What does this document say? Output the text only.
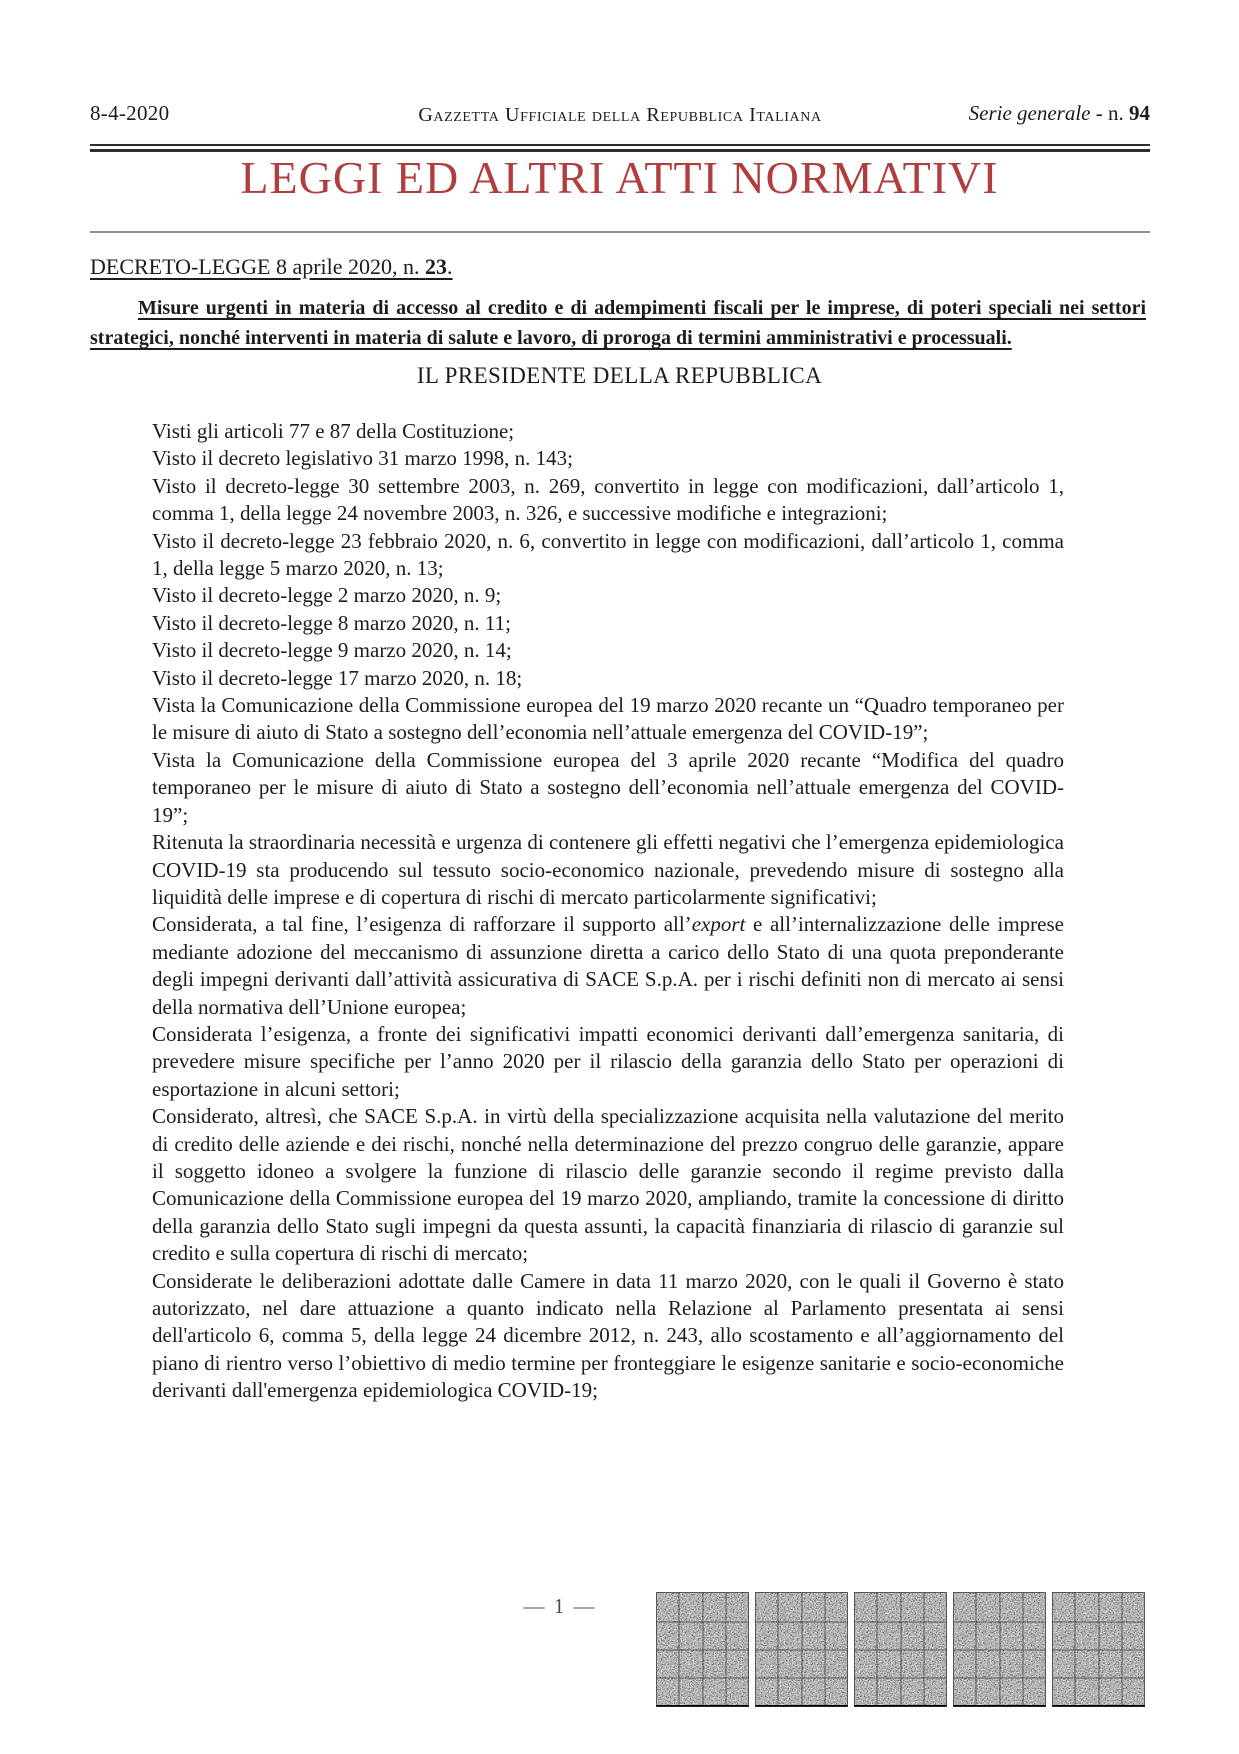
8-4-2020	Gazzetta Ufficiale della Repubblica Italiana	Serie generale - n. 94
LEGGI ED ALTRI ATTI NORMATIVI
DECRETO-LEGGE 8 aprile 2020, n. 23.

Misure urgenti in materia di accesso al credito e di adempimenti fiscali per le imprese, di poteri speciali nei settori strategici, nonché interventi in materia di salute e lavoro, di proroga di termini amministrativi e processuali.

IL PRESIDENTE DELLA REPUBBLICA

Visti gli articoli 77 e 87 della Costituzione;

Visto il decreto legislativo 31 marzo 1998, n. 143;

Visto il decreto-legge 30 settembre 2003, n. 269, convertito in legge con modificazioni, dall’articolo 1, comma 1, della legge 24 novembre 2003, n. 326, e successive modifiche e integrazioni;

Visto il decreto-legge 23 febbraio 2020, n. 6, convertito in legge con modificazioni, dall’articolo 1, comma 1, della legge 5 marzo 2020, n. 13;

Visto il decreto-legge 2 marzo 2020, n. 9;

Visto il decreto-legge 8 marzo 2020, n. 11;

Visto il decreto-legge 9 marzo 2020, n. 14;

Visto il decreto-legge 17 marzo 2020, n. 18;

Vista la Comunicazione della Commissione europea del 19 marzo 2020 recante un “Quadro temporaneo per le misure di aiuto di Stato a sostegno dell’economia nell’attuale emergenza del COVID-19”;

Vista la Comunicazione della Commissione europea del 3 aprile 2020 recante “Modifica del quadro temporaneo per le misure di aiuto di Stato a sostegno dell’economia nell’attuale emergenza del COVID-19”;

Ritenuta la straordinaria necessità e urgenza di contenere gli effetti negativi che l’emergenza epidemiologica COVID-19 sta producendo sul tessuto socio-economico nazionale, prevedendo misure di sostegno alla liquidità delle imprese e di copertura di rischi di mercato particolarmente significativi;

Considerata, a tal fine, l’esigenza di rafforzare il supporto all’export e all’internalizzazione delle imprese mediante adozione del meccanismo di assunzione diretta a carico dello Stato di una quota preponderante degli impegni derivanti dall’attività assicurativa di SACE S.p.A. per i rischi definiti non di mercato ai sensi della normativa dell’Unione europea;

Considerata l’esigenza, a fronte dei significativi impatti economici derivanti dall’emergenza sanitaria, di prevedere misure specifiche per l’anno 2020 per il rilascio della garanzia dello Stato per operazioni di esportazione in alcuni settori;

Considerato, altresì, che SACE S.p.A. in virtù della specializzazione acquisita nella valutazione del merito di credito delle aziende e dei rischi, nonché nella determinazione del prezzo congruo delle garanzie, appare il soggetto idoneo a svolgere la funzione di rilascio delle garanzie secondo il regime previsto dalla Comunicazione della Commissione europea del 19 marzo 2020, ampliando, tramite la concessione di diritto della garanzia dello Stato sugli impegni da questa assunti, la capacità finanziaria di rilascio di garanzie sul credito e sulla copertura di rischi di mercato;

Considerate le deliberazioni adottate dalle Camere in data 11 marzo 2020, con le quali il Governo è stato autorizzato, nel dare attuazione a quanto indicato nella Relazione al Parlamento presentata ai sensi dell'articolo 6, comma 5, della legge 24 dicembre 2012, n. 243, allo scostamento e all’aggiornamento del piano di rientro verso l’obiettivo di medio termine per fronteggiare le esigenze sanitarie e socio-economiche derivanti dall'emergenza epidemiologica COVID-19;

— 1 —
